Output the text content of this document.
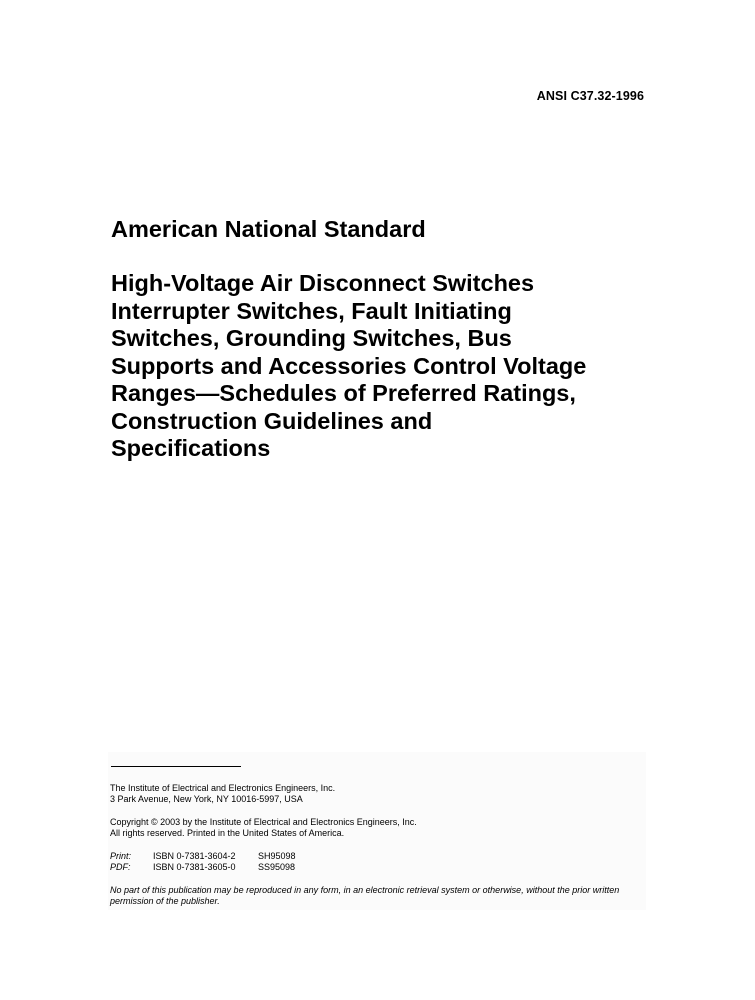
ANSI C37.32-1996
American National Standard
High-Voltage Air Disconnect Switches
Interrupter Switches, Fault Initiating
Switches, Grounding Switches, Bus
Supports and Accessories Control Voltage
Ranges—Schedules of Preferred Ratings,
Construction Guidelines and
Specifications
The Institute of Electrical and Electronics Engineers, Inc.
3 Park Avenue, New York, NY 10016-5997, USA
Copyright © 2003 by the Institute of Electrical and Electronics Engineers, Inc.
All rights reserved. Printed in the United States of America.
Print:	ISBN 0-7381-3604-2	SH95098
PDF:	ISBN 0-7381-3605-0	SS95098
No part of this publication may be reproduced in any form, in an electronic retrieval system or otherwise, without the prior written permission of the publisher.
